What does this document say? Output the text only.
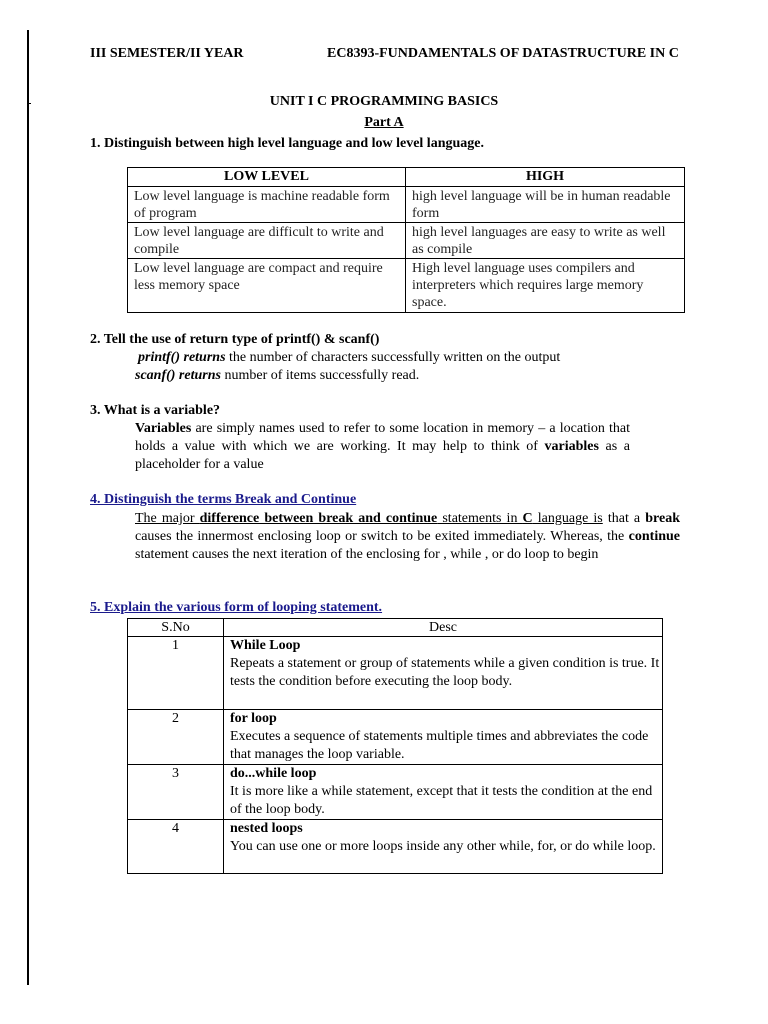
III SEMESTER/II YEAR	EC8393-FUNDAMENTALS OF DATASTRUCTURE IN C
UNIT I C PROGRAMMING BASICS
Part A
1. Distinguish between high level language and low level language.
LOW LEVEL	HIGH
Low level language is machine readable form of program	high level language will be in human readable form
Low level language are difficult to write and compile	high level languages are easy to write as well as compile
Low level language are compact and require less memory space	High level language uses compilers and interpreters which requires large memory space.
2. Tell the use of return type of printf() & scanf()
printf() returns the number of characters successfully written on the output
scanf() returns number of items successfully read.
3. What is a variable?
Variables are simply names used to refer to some location in memory – a location that holds a value with which we are working. It may help to think of variables as a placeholder for a value
4. Distinguish the terms Break and Continue
The major difference between break and continue statements in C language is that a break causes the innermost enclosing loop or switch to be exited immediately. Whereas, the continue statement causes the next iteration of the enclosing for , while , or do loop to begin
5. Explain the various form of looping statement.
S.No	Desc
1	While Loop
Repeats a statement or group of statements while a given condition is true. It tests the condition before executing the loop body.
2	for loop
Executes a sequence of statements multiple times and abbreviates the code that manages the loop variable.
3	do...while loop
It is more like a while statement, except that it tests the condition at the end of the loop body.
4	nested loops
You can use one or more loops inside any other while, for, or do while loop.
